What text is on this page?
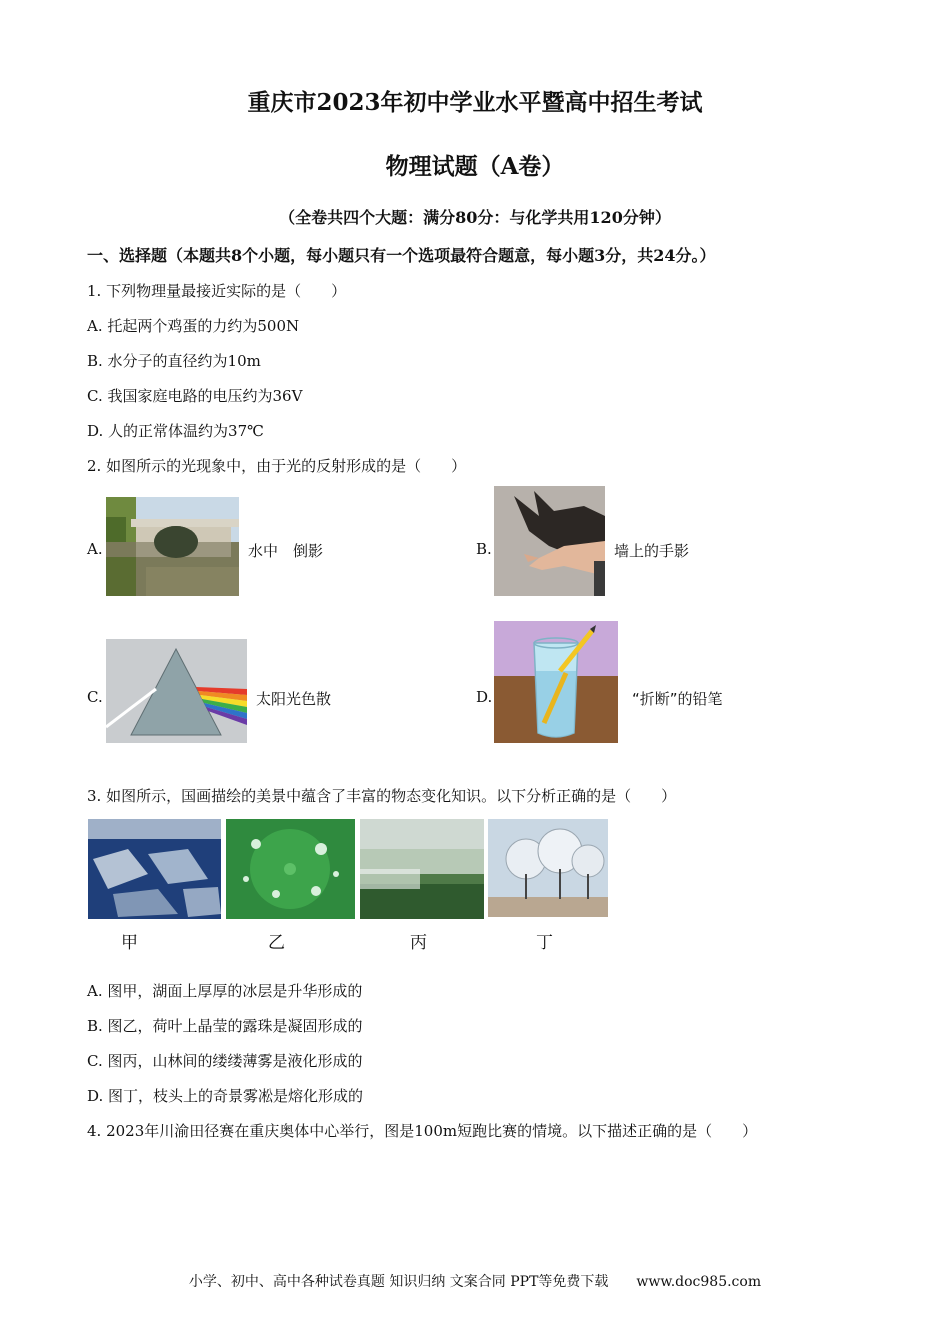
重庆市2023年初中学业水平暨高中招生考试
物理试题（A卷）
（全卷共四个大题：满分80分：与化学共用120分钟）
一、选择题（本题共8个小题，每小题只有一个选项最符合题意，每小题3分，共24分。）
1. 下列物理量最接近实际的是（　　）
A. 托起两个鸡蛋的力约为500N
B. 水分子的直径约为10m
C. 我国家庭电路的电压约为36V
D. 人的正常体温约为37℃
2. 如图所示的光现象中，由于光的反射形成的是（　　）
A.	水中　倒影	B.	墙上的手影
C.	太阳光色散	D.	“折断”的铅笔
3. 如图所示，国画描绘的美景中蕴含了丰富的物态变化知识。以下分析正确的是（　　）
甲	乙	丙	丁
A. 图甲，湖面上厚厚的冰层是升华形成的
B. 图乙，荷叶上晶莹的露珠是凝固形成的
C. 图丙，山林间的缕缕薄雾是液化形成的
D. 图丁，枝头上的奇景雾凇是熔化形成的
4. 2023年川渝田径赛在重庆奥体中心举行，图是100m短跑比赛的情境。以下描述正确的是（　　）
小学、初中、高中各种试卷真题 知识归纳 文案合同 PPT等免费下载　　www.doc985.com
